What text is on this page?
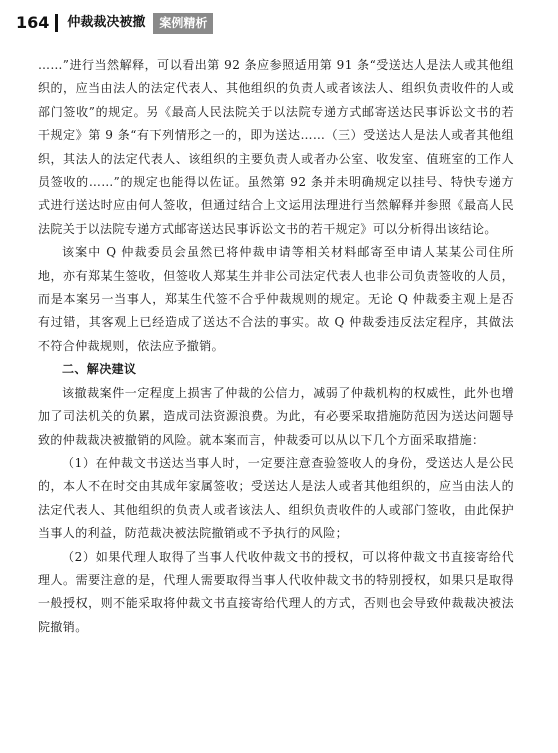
164 仲裁裁决被撤	案例精析

……”进行当然解释，可以看出第 92 条应参照适用第 91 条“受送达人是法人或其他组织的，应当由法人的法定代表人、其他组织的负责人或者该法人、组织负责收件的人或部门签收”的规定。另《最高人民法院关于以法院专递方式邮寄送达民事诉讼文书的若干规定》第 9 条“有下列情形之一的，即为送达……（三）受送达人是法人或者其他组织，其法人的法定代表人、该组织的主要负责人或者办公室、收发室、值班室的工作人员签收的……”的规定也能得以佐证。虽然第 92 条并未明确规定以挂号、特快专递方式进行送达时应由何人签收，但通过结合上文运用法理进行当然解释并参照《最高人民法院关于以法院专递方式邮寄送达民事诉讼文书的若干规定》可以分析得出该结论。

该案中 Q 仲裁委员会虽然已将仲裁申请等相关材料邮寄至申请人某某公司住所地，亦有郑某生签收，但签收人郑某生并非公司法定代表人也非公司负责签收的人员，而是本案另一当事人，郑某生代签不合乎仲裁规则的规定。无论 Q 仲裁委主观上是否有过错，其客观上已经造成了送达不合法的事实。故 Q 仲裁委违反法定程序，其做法不符合仲裁规则，依法应予撤销。

二、解决建议

该撤裁案件一定程度上损害了仲裁的公信力，减弱了仲裁机构的权威性，此外也增加了司法机关的负累，造成司法资源浪费。为此，有必要采取措施防范因为送达问题导致的仲裁裁决被撤销的风险。就本案而言，仲裁委可以从以下几个方面采取措施：

（1）在仲裁文书送达当事人时，一定要注意查验签收人的身份，受送达人是公民的，本人不在时交由其成年家属签收；受送达人是法人或者其他组织的，应当由法人的法定代表人、其他组织的负责人或者该法人、组织负责收件的人或部门签收，由此保护当事人的利益，防范裁决被法院撤销或不予执行的风险；

（2）如果代理人取得了当事人代收仲裁文书的授权，可以将仲裁文书直接寄给代理人。需要注意的是，代理人需要取得当事人代收仲裁文书的特别授权，如果只是取得一般授权，则不能采取将仲裁文书直接寄给代理人的方式，否则也会导致仲裁裁决被法院撤销。
